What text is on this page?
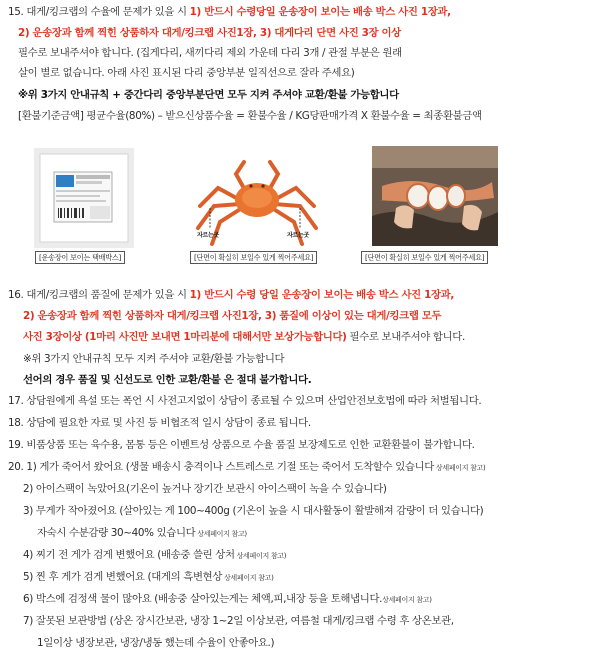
15. 대게/킹크랩의 수율에 문제가 있을 시 1) 반드시 수령당일 운송장이 보이는 배송 박스 사진 1장과,
2) 운송장과 함께 찍힌 상품하자 대게/킹크랩 사진1장, 3) 대게다리 단면 사진 3장 이상
필수로 보내주셔야 합니다. (집게다리, 새끼다리 제외 가운데 다리 3개 / 관절 부분은 원래
살이 별로 없습니다. 아래 사진 표시된 다리 중앙부분 일직선으로 잘라 주세요)
※위 3가지 안내규칙 + 중간다리 중앙부분단면 모두 지켜 주셔야 교환/환불 가능합니다
[환불기준금액] 평균수율(80%) – 받으신상품수율 = 환불수율 / KG당판매가격 X 환불수율 = 최종환불금액
[운송장이 보이는 택배박스]
자르는곳	자르는곳
[단면이 확실히 보일수 있게 찍어주세요]	[단면이 확실히 보일수 있게 찍어주세요]
16. 대게/킹크랩의 품질에 문제가 있을 시 1) 반드시 수령 당일 운송장이 보이는 배송 박스 사진 1장과,
2) 운송장과 함께 찍힌 상품하자 대게/킹크랩 사진1장, 3) 품질에 이상이 있는 대게/킹크랩 모두
사진 3장이상 (1마리 사진만 보내면 1마리분에 대해서만 보상가능합니다) 필수로 보내주셔야 합니다.
※위 3가지 안내규칙 모두 지켜 주셔야 교환/환불 가능합니다
선어의 경우 품질 및 신선도로 인한 교환/환불 은 절대 불가합니다.
17. 상담원에게 욕설 또는 폭언 시 사전고지없이 상담이 종료될 수 있으며 산업안전보호법에 따라 처벌됩니다.
18. 상담에 필요한 자료 및 사진 등 비협조적 일시 상담이 종료 됩니다.
19. 비품상품 또는 육수용, 몸통 등은 이벤트성 상품으로 수율 품질 보장제도로 인한 교환환불이 불가합니다.
20. 1) 게가 죽어서 왔어요 (생물 배송시 충격이나 스트레스로 기절 또는 죽어서 도착할수 있습니다 상세페이지 참고)
2) 아이스팩이 녹았어요(기온이 높거나 장기간 보관시 아이스팩이 녹을 수 있습니다)
3) 무게가 작아졌어요 (살아있는 게 100~400g (기온이 높을 시 대사활동이 활발해져 감량이 더 있습니다)
자숙시 수분감량 30~40% 있습니다 상세페이지 참고)
4) 찌기 전 게가 검게 변했어요 (배송중 쓸린 상처 상세페이지 참고)
5) 찐 후 게가 검게 변했어요 (대게의 흑변현상 상세페이지 참고)
6) 박스에 검정색 물이 많아요 (배송중 살아있는게는 체액,피,내장 등을 토해냅니다.상세페이지 참고)
7) 잘못된 보관방법 (상온 장시간보관, 냉장 1~2일 이상보관, 여름철 대게/킹크랩 수령 후 상온보관,
1일이상 냉장보관, 냉장/냉동 했는데 수율이 안좋아요.)
